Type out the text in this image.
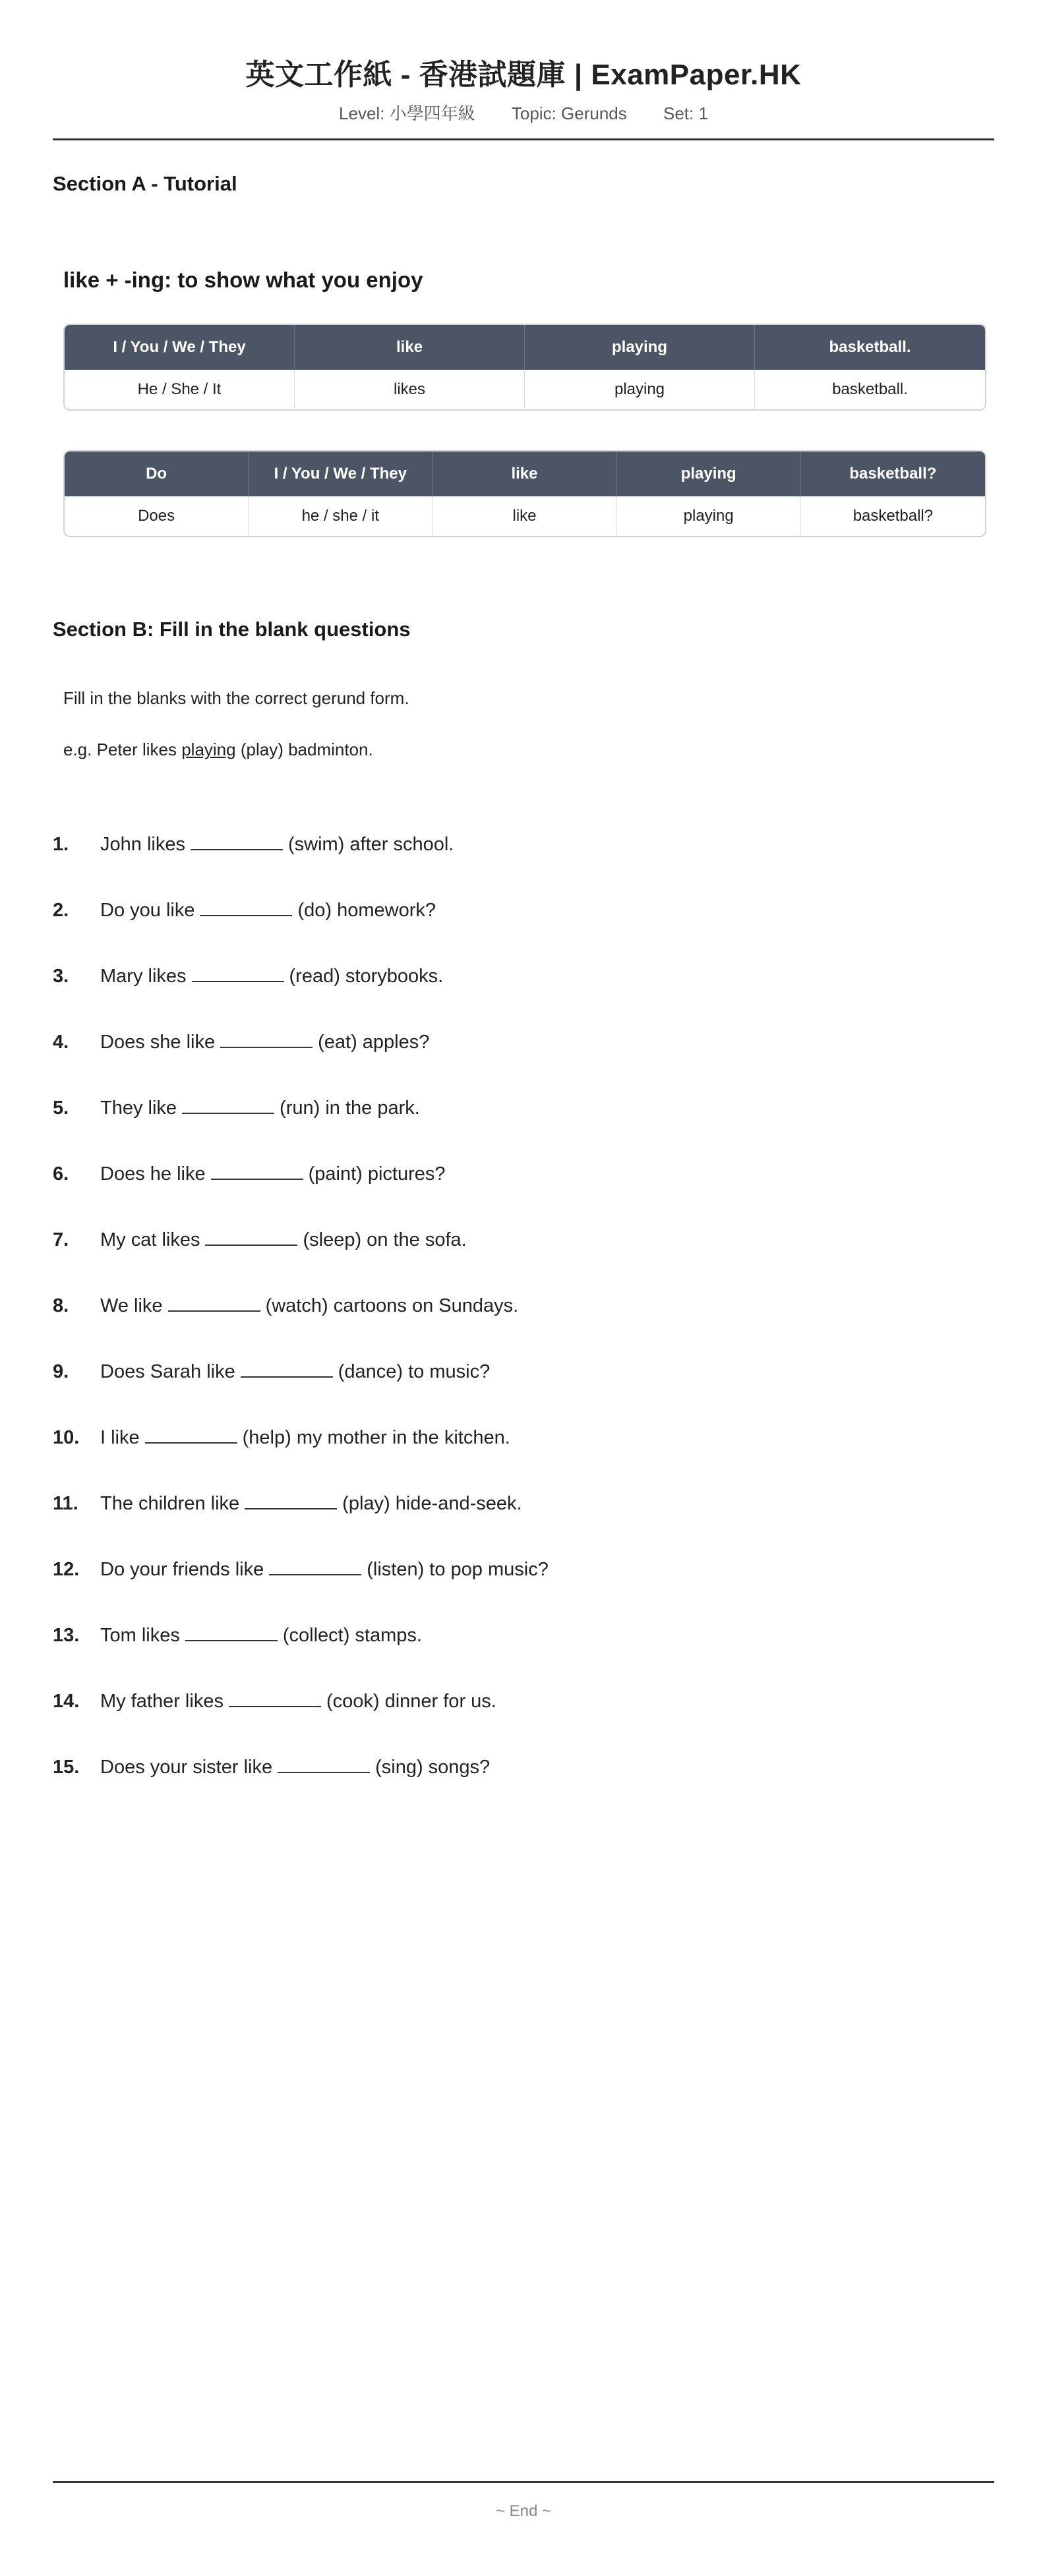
英文工作紙 - 香港試題庫 | ExamPaper.HK
Level: 小學四年級 Topic: Gerunds Set: 1
Section A - Tutorial
like + -ing: to show what you enjoy
I / You / We / They	like	playing	basketball.
He / She / It	likes	playing	basketball.
Do	I / You / We / They	like	playing	basketball?
Does	he / she / it	like	playing	basketball?
Section B: Fill in the blank questions
Fill in the blanks with the correct gerund form.
e.g. Peter likes playing (play) badminton.
1.	John likes	(swim) after school.
2.	Do you like	(do) homework?
3.	Mary likes	(read) storybooks.
4.	Does she like	(eat) apples?
5.	They like	(run) in the park.
6.	Does he like	(paint) pictures?
7.	My cat likes	(sleep) on the sofa.
8.	We like	(watch) cartoons on Sundays.
9.	Does Sarah like	(dance) to music?
10.	I like	(help) my mother in the kitchen.
11.	The children like	(play) hide-and-seek.
12.	Do your friends like	(listen) to pop music?
13.	Tom likes	(collect) stamps.
14.	My father likes	(cook) dinner for us.
15.	Does your sister like	(sing) songs?
~ End ~
